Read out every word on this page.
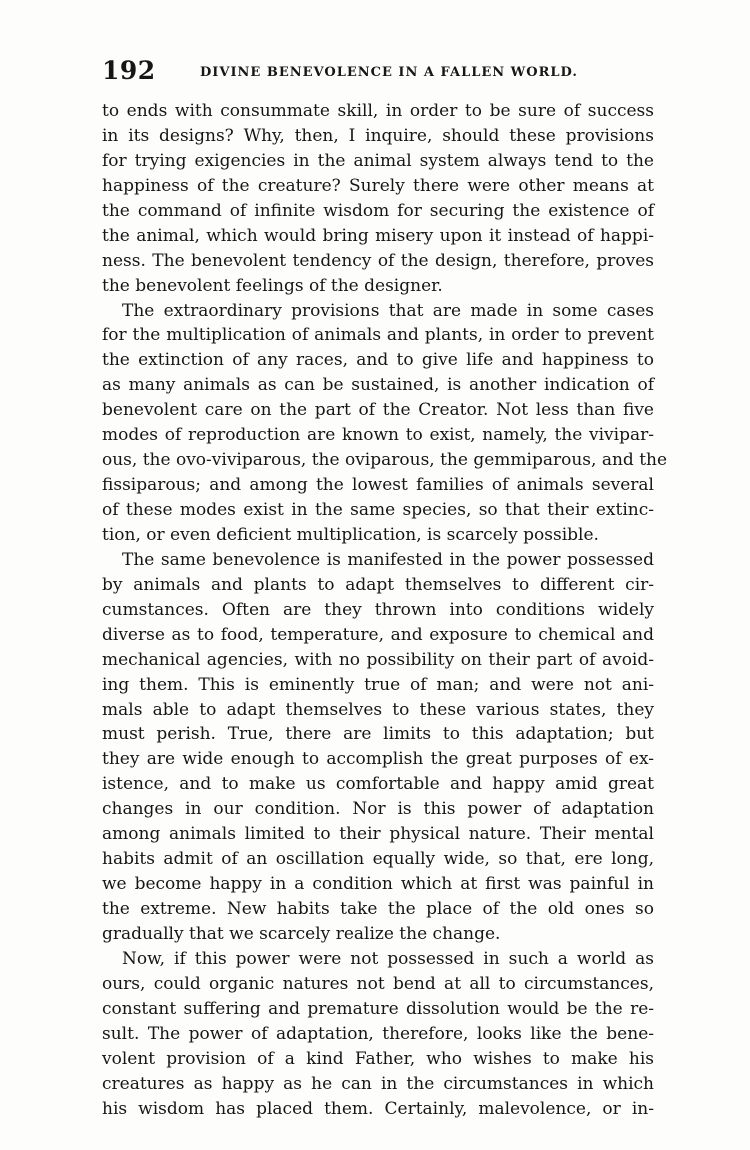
192	DIVINE BENEVOLENCE IN A FALLEN WORLD.
to ends with consummate skill, in order to be sure of success
in its designs? Why, then, I inquire, should these provisions
for trying exigencies in the animal system always tend to the
happiness of the creature? Surely there were other means at
the command of infinite wisdom for securing the existence of
the animal, which would bring misery upon it instead of happi-
ness. The benevolent tendency of the design, therefore, proves
the benevolent feelings of the designer.
The extraordinary provisions that are made in some cases
for the multiplication of animals and plants, in order to prevent
the extinction of any races, and to give life and happiness to
as many animals as can be sustained, is another indication of
benevolent care on the part of the Creator. Not less than five
modes of reproduction are known to exist, namely, the vivipar-
ous, the ovo-viviparous, the oviparous, the gemmiparous, and the
fissiparous; and among the lowest families of animals several
of these modes exist in the same species, so that their extinc-
tion, or even deficient multiplication, is scarcely possible.
The same benevolence is manifested in the power possessed
by animals and plants to adapt themselves to different cir-
cumstances. Often are they thrown into conditions widely
diverse as to food, temperature, and exposure to chemical and
mechanical agencies, with no possibility on their part of avoid-
ing them. This is eminently true of man; and were not ani-
mals able to adapt themselves to these various states, they
must perish. True, there are limits to this adaptation; but
they are wide enough to accomplish the great purposes of ex-
istence, and to make us comfortable and happy amid great
changes in our condition. Nor is this power of adaptation
among animals limited to their physical nature. Their mental
habits admit of an oscillation equally wide, so that, ere long,
we become happy in a condition which at first was painful in
the extreme. New habits take the place of the old ones so
gradually that we scarcely realize the change.
Now, if this power were not possessed in such a world as
ours, could organic natures not bend at all to circumstances,
constant suffering and premature dissolution would be the re-
sult. The power of adaptation, therefore, looks like the bene-
volent provision of a kind Father, who wishes to make his
creatures as happy as he can in the circumstances in which
his wisdom has placed them. Certainly, malevolence, or in-
